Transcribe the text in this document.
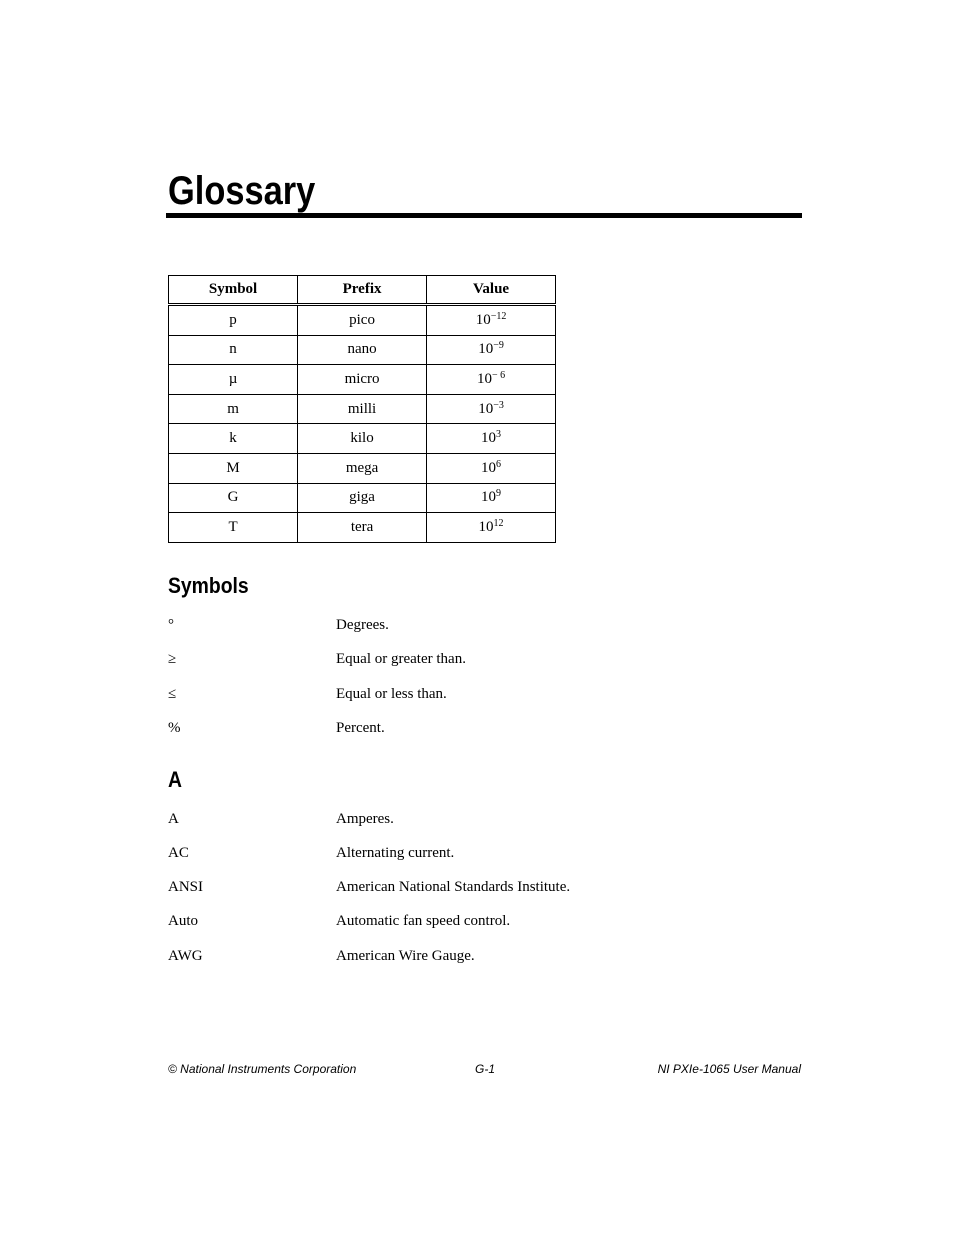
Glossary
Symbol	Prefix	Value
p	pico	$10^{-12}$
n	nano	$10^{-9}$
µ	micro	$10^{- 6}$
m	milli	$10^{-3}$
k	kilo	$10^3$
M	mega	$10^6$
G	giga	$10^9$
T	tera	$10^{12}$
Symbols
°	Degrees.
≥	Equal or greater than.
≤	Equal or less than.
%	Percent.
A
A	Amperes.
AC	Alternating current.
ANSI	American National Standards Institute.
Auto	Automatic fan speed control.
AWG	American Wire Gauge.
© National Instruments Corporation	G-1	NI PXIe-1065 User Manual
